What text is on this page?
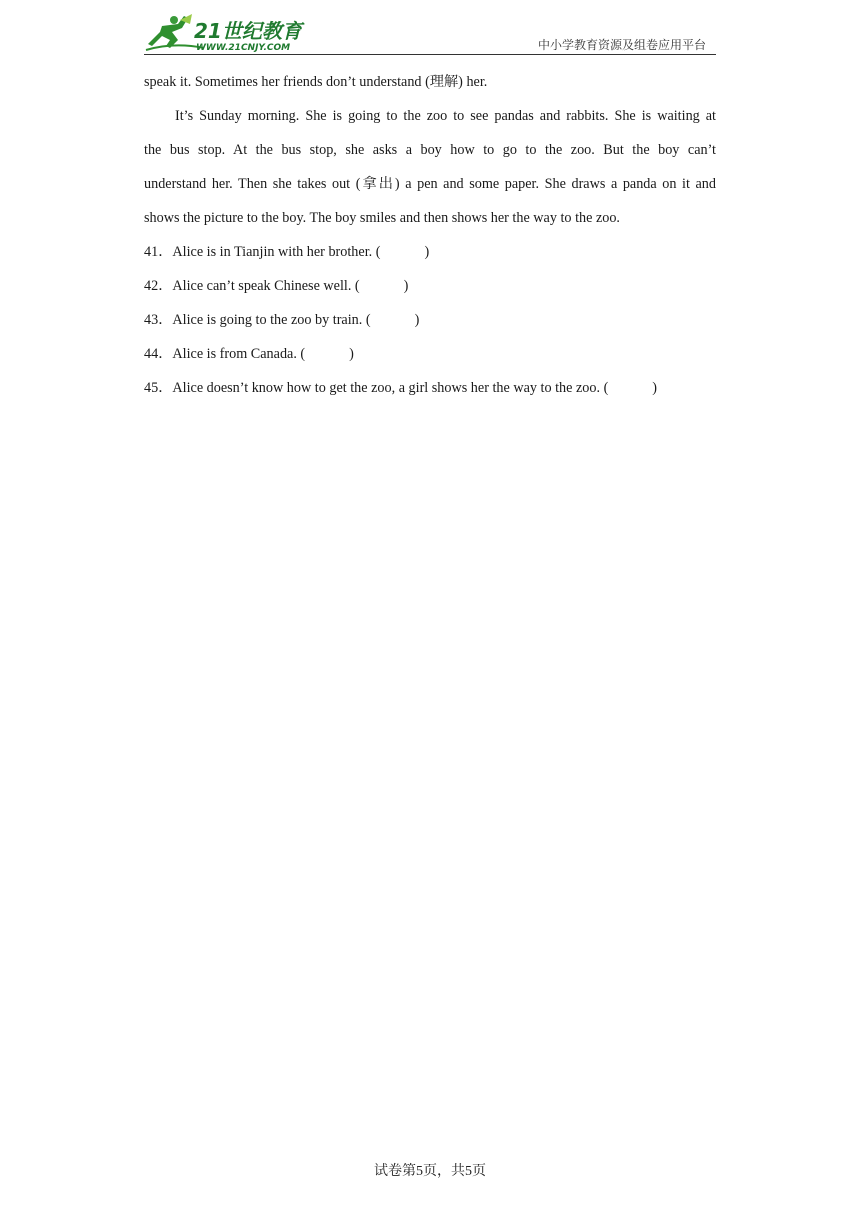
21世纪教育
WWW.21CNJY.COM	中小学教育资源及组卷应用平台
speak it. Sometimes her friends don’t understand (理解) her.
It’s Sunday morning. She is going to the zoo to see pandas and rabbits. She is waiting at
the bus stop. At the bus stop, she asks a boy how to go to the zoo. But the boy can’t
understand her. Then she takes out (拿出) a pen and some paper. She draws a panda on it and
shows the picture to the boy. The boy smiles and then shows her the way to the zoo.
41． Alice is in Tianjin with her brother. (	)
42． Alice can’t speak Chinese well. (	)
43． Alice is going to the zoo by train. (	)
44． Alice is from Canada. (	)
45． Alice doesn’t know how to get the zoo, a girl shows her the way to the zoo. (	)
试卷第5页，共5页
